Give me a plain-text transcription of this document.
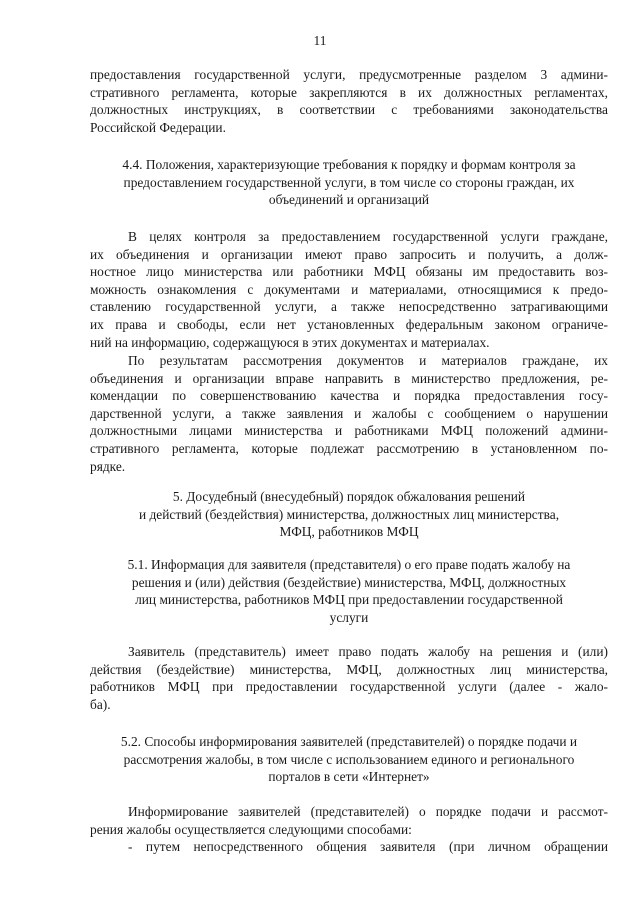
11
предоставления государственной услуги, предусмотренные разделом 3 админи-
стративного регламента, которые закрепляются в их должностных регламентах,
должностных инструкциях, в соответствии с требованиями законодательства
Российской Федерации.
4.4. Положения, характеризующие требования к порядку и формам контроля за
предоставлением государственной услуги, в том числе со стороны граждан, их
объединений и организаций
В целях контроля за предоставлением государственной услуги граждане,
их объединения и организации имеют право запросить и получить, а долж-
ностное лицо министерства или работники МФЦ обязаны им предоставить воз-
можность ознакомления с документами и материалами, относящимися к предо-
ставлению государственной услуги, а также непосредственно затрагивающими
их права и свободы, если нет установленных федеральным законом ограниче-
ний на информацию, содержащуюся в этих документах и материалах.
По результатам рассмотрения документов и материалов граждане, их
объединения и организации вправе направить в министерство предложения, ре-
комендации по совершенствованию качества и порядка предоставления госу-
дарственной услуги, а также заявления и жалобы с сообщением о нарушении
должностными лицами министерства и работниками МФЦ положений админи-
стративного регламента, которые подлежат рассмотрению в установленном по-
рядке.
5. Досудебный (внесудебный) порядок обжалования решений
и действий (бездействия) министерства, должностных лиц министерства,
МФЦ, работников МФЦ
5.1. Информация для заявителя (представителя) о его праве подать жалобу на
решения и (или) действия (бездействие) министерства, МФЦ, должностных
лиц министерства, работников МФЦ при предоставлении государственной
услуги
Заявитель (представитель) имеет право подать жалобу на решения и (или)
действия (бездействие) министерства, МФЦ, должностных лиц министерства,
работников МФЦ при предоставлении государственной услуги (далее - жало-
ба).
5.2. Способы информирования заявителей (представителей) о порядке подачи и
рассмотрения жалобы, в том числе с использованием единого и регионального
порталов в сети «Интернет»
Информирование заявителей (представителей) о порядке подачи и рассмот-
рения жалобы осуществляется следующими способами:
- путем непосредственного общения заявителя (при личном обращении
